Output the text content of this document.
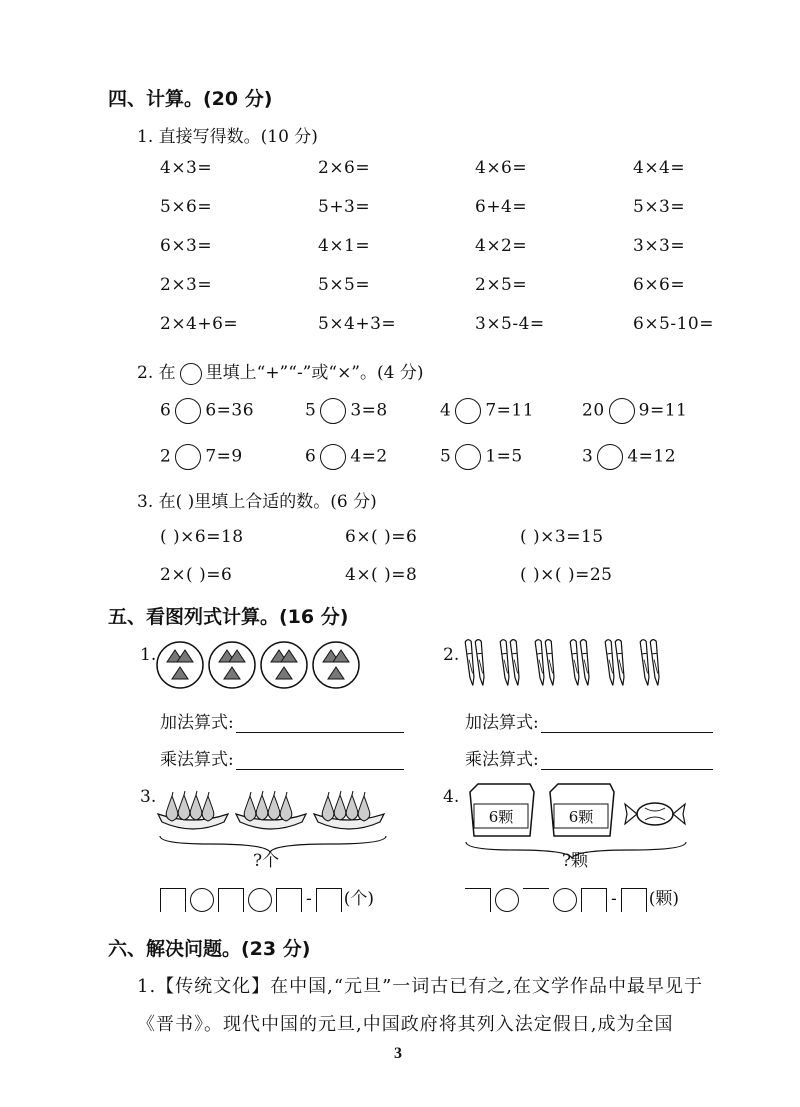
四、计算。(20 分)
1. 直接写得数。(10 分)
4×3=	2×6=	4×6=	4×4=
5×6=	5+3=	6+4=	5×3=
6×3=	4×1=	4×2=	3×3=
2×3=	5×5=	2×5=	6×6=
2×4+6=	5×4+3=	3×5-4=	6×5-10=
2. 在 里填上“+”“-”或“×”。(4 分)
6 6=36	5 3=8	4 7=11	20 9=11
2 7=9	6 4=2	5 1=5	3 4=12
3. 在( )里填上合适的数。(6 分)
( )×6=18	6×( )=6	( )×3=15
2×( )=6	4×( )=8	( )×( )=25
五、看图列式计算。(16 分)
1.	2.
加法算式:
乘法算式:
加法算式:
乘法算式:
3.
?个
4.
6颗	6颗
?颗
- (个)	- (颗)
六、解决问题。(23 分)
1.【传统文化】在中国,“元旦”一词古已有之,在文学作品中最早见于
《晋书》。现代中国的元旦,中国政府将其列入法定假日,成为全国
3
